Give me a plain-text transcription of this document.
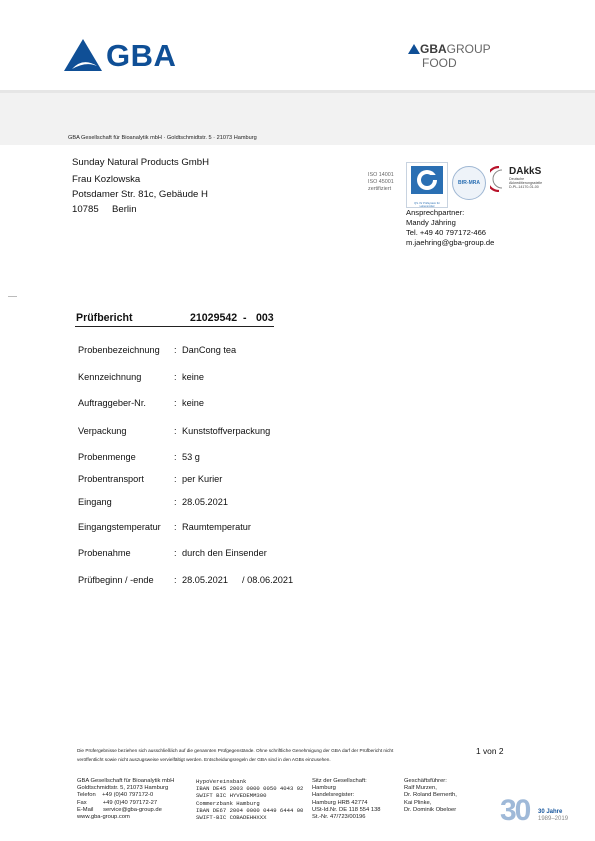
GBA	GBA GROUP
FOOD
GBA Gesellschaft für Bioanalytik mbH · Goldtschmidtstr. 5 · 21073 Hamburg
Sunday Natural Products GmbH
Frau Kozlowska
Potsdamer Str. 81c, Gebäude H
10785 Berlin
ISO 14001
ISO 45001
zertifiziert
QS. Ihr Prüfsystem für Lebensmittel
BfR-MRA
DAkkS
Deutsche
Akkreditierungsstelle
D-PL-14170-01-00
Ansprechpartner:
Mandy Jähring
Tel. +49 40 797172-466
m.jaehring@gba-group.de
Prüfbericht	21029542 - 003
Probenbezeichnung : DanCong tea
Kennzeichnung	: keine
Auftraggeber-Nr.	: keine
Verpackung	: Kunststoffverpackung
Probenmenge	: 53 g
Probentransport	: per Kurier
Eingang	: 28.05.2021
Eingangstemperatur : Raumtemperatur
Probenahme	: durch den Einsender
Prüfbeginn / -ende : 28.05.2021 / 08.06.2021
Die Prüfergebnisse beziehen sich ausschließlich auf die genannten Prüfgegenstände. Ohne schriftliche Genehmigung der GBA darf der Prüfbericht nicht
veröffentlicht sowie nicht auszugsweise vervielfältigt werden. Entscheidungsregeln der GBA sind in den AGBs einzusehen.
1 von 2
GBA Gesellschaft für Bioanalytik mbH
Goldtschmidtstr. 5, 21073 Hamburg
Telefon    +49 (0)40 797172-0
Fax          +49 (0)40 797172-27
E-Mail      service@gba-group.de
www.gba-group.com
HypoVereinsbank
IBAN DE45 2003 0000 0050 4043 92
SWIFT BIC HYVEDEMM300
Commerzbank Hamburg
IBAN DE67 2004 0000 0449 6444 00
SWIFT-BIC COBADEHHXXX
Sitz der Gesellschaft:
Hamburg
Handelsregister:
Hamburg HRB 42774
USt-Id.Nr. DE 118 554 138
St.-Nr. 47/723/00196
Geschäftsführer:
Ralf Murzen,
Dr. Roland Bernerth,
Kai Plinke,
Dr. Dominik Obeloer 30	30 Jahre
1989–2019
